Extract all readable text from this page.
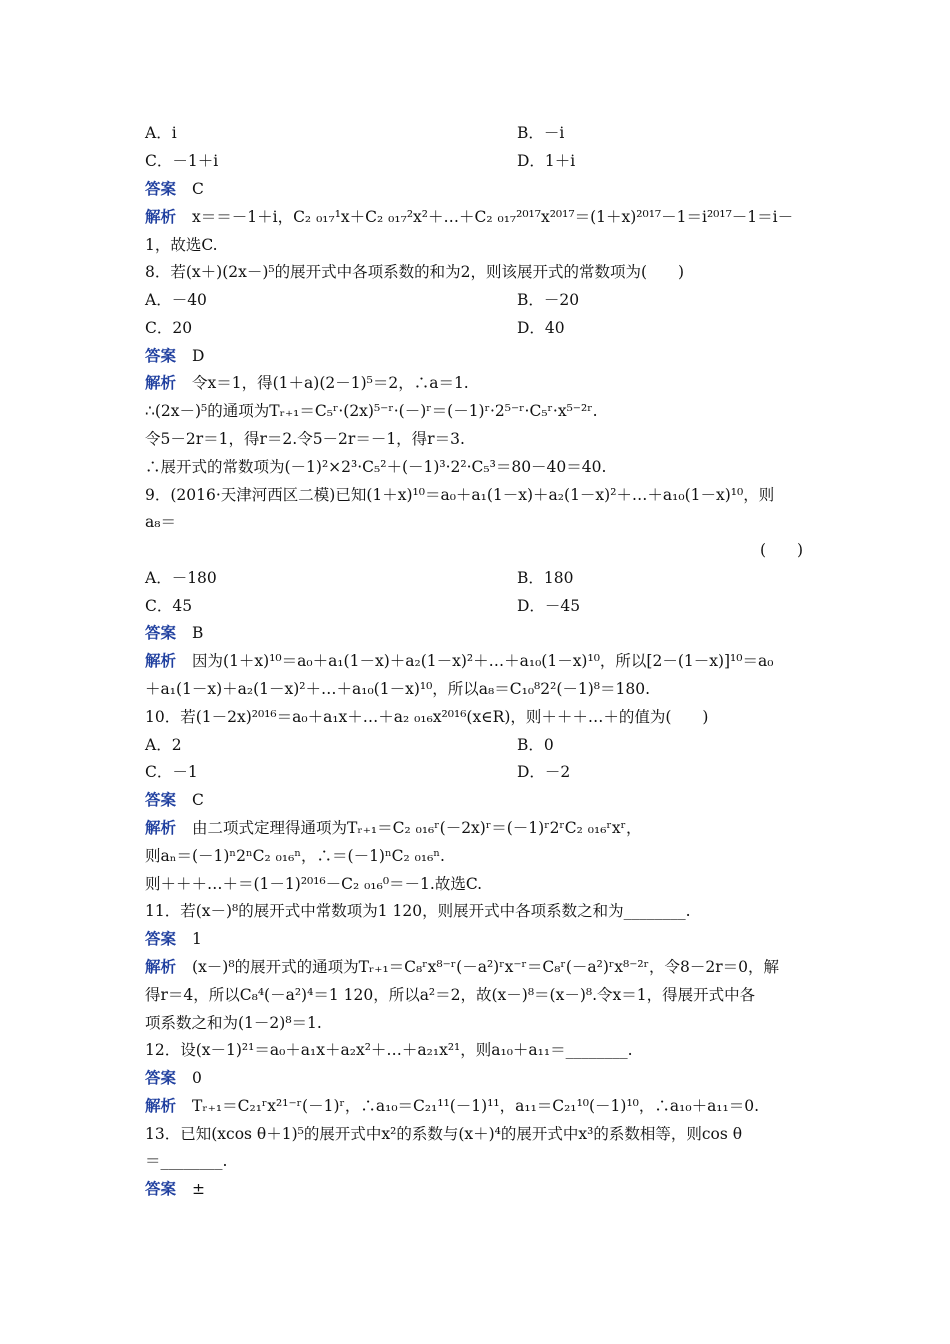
A．i	B．－i
C．－1＋i	D．1＋i
答案 C
解析 x＝＝－1＋i，C₂ ₀₁₇¹x＋C₂ ₀₁₇²x²＋…＋C₂ ₀₁₇²⁰¹⁷x²⁰¹⁷＝(1＋x)²⁰¹⁷－1＝i²⁰¹⁷－1＝i－
1，故选C.
8．若(x＋)(2x－)⁵的展开式中各项系数的和为2，则该展开式的常数项为(　　)
A．－40	B．－20
C．20	D．40
答案 D
解析 令x＝1，得(1＋a)(2－1)⁵＝2，∴a＝1.
∴(2x－)⁵的通项为Tᵣ₊₁＝C₅ʳ·(2x)⁵⁻ʳ·(－)ʳ＝(－1)ʳ·2⁵⁻ʳ·C₅ʳ·x⁵⁻²ʳ.
令5－2r＝1，得r＝2.令5－2r＝－1，得r＝3.
∴展开式的常数项为(－1)²×2³·C₅²＋(－1)³·2²·C₅³＝80－40＝40.
9．(2016·天津河西区二模)已知(1＋x)¹⁰＝a₀＋a₁(1－x)＋a₂(1－x)²＋…＋a₁₀(1－x)¹⁰，则
a₈＝
(　　)
A．－180	B．180
C．45	D．－45
答案 B
解析 因为(1＋x)¹⁰＝a₀＋a₁(1－x)＋a₂(1－x)²＋…＋a₁₀(1－x)¹⁰，所以[2－(1－x)]¹⁰＝a₀
＋a₁(1－x)＋a₂(1－x)²＋…＋a₁₀(1－x)¹⁰，所以a₈＝C₁₀⁸2²(－1)⁸＝180.
10．若(1－2x)²⁰¹⁶＝a₀＋a₁x＋…＋a₂ ₀₁₆x²⁰¹⁶(x∈R)，则＋＋＋…＋的值为(　　)
A．2	B．0
C．－1	D．－2
答案 C
解析 由二项式定理得通项为Tᵣ₊₁＝C₂ ₀₁₆ʳ(－2x)ʳ＝(－1)ʳ2ʳC₂ ₀₁₆ʳxʳ，
则aₙ＝(－1)ⁿ2ⁿC₂ ₀₁₆ⁿ，∴＝(－1)ⁿC₂ ₀₁₆ⁿ.
则＋＋＋…＋＝(1－1)²⁰¹⁶－C₂ ₀₁₆⁰＝－1.故选C.
11．若(x－)⁸的展开式中常数项为1 120，则展开式中各项系数之和为________.
答案 1
解析 (x－)⁸的展开式的通项为Tᵣ₊₁＝C₈ʳx⁸⁻ʳ(－a²)ʳx⁻ʳ＝C₈ʳ(－a²)ʳx⁸⁻²ʳ，令8－2r＝0，解
得r＝4，所以C₈⁴(－a²)⁴＝1 120，所以a²＝2，故(x－)⁸＝(x－)⁸.令x＝1，得展开式中各
项系数之和为(1－2)⁸＝1.
12．设(x－1)²¹＝a₀＋a₁x＋a₂x²＋…＋a₂₁x²¹，则a₁₀＋a₁₁＝________.
答案 0
解析 Tᵣ₊₁＝C₂₁ʳx²¹⁻ʳ(－1)ʳ，∴a₁₀＝C₂₁¹¹(－1)¹¹，a₁₁＝C₂₁¹⁰(－1)¹⁰，∴a₁₀＋a₁₁＝0.
13．已知(xcos θ＋1)⁵的展开式中x²的系数与(x＋)⁴的展开式中x³的系数相等，则cos θ
＝________.
答案 ±
